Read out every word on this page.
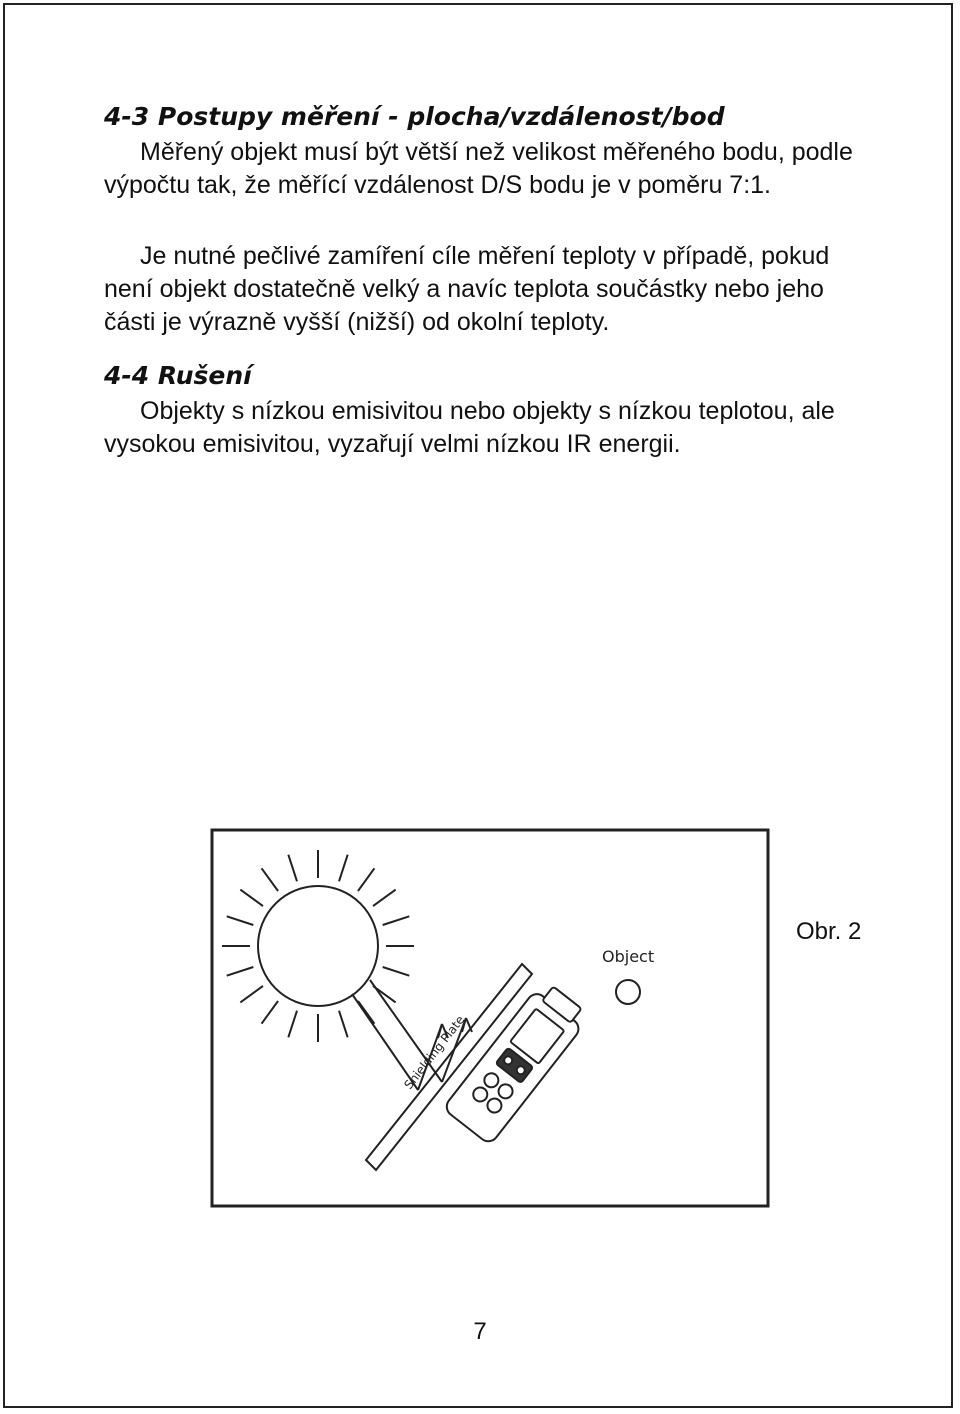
4-3 Postupy měření - plocha/vzdálenost/bod

Měřený objekt musí být větší než velikost měřeného bodu, podle výpočtu tak, že měřící vzdálenost D/S bodu je v poměru 7:1.

Je nutné pečlivé zamíření cíle měření teploty v případě, pokud není objekt dostatečně velký a navíc teplota součástky nebo jeho části je výrazně vyšší (nižší) od okolní teploty.

4-4 Rušení

Objekty s nízkou emisivitou nebo objekty s nízkou teplotou, ale vysokou emisivitou, vyzařují velmi nízkou IR energii.

Shielding Plate
Object
Obr. 2
7
